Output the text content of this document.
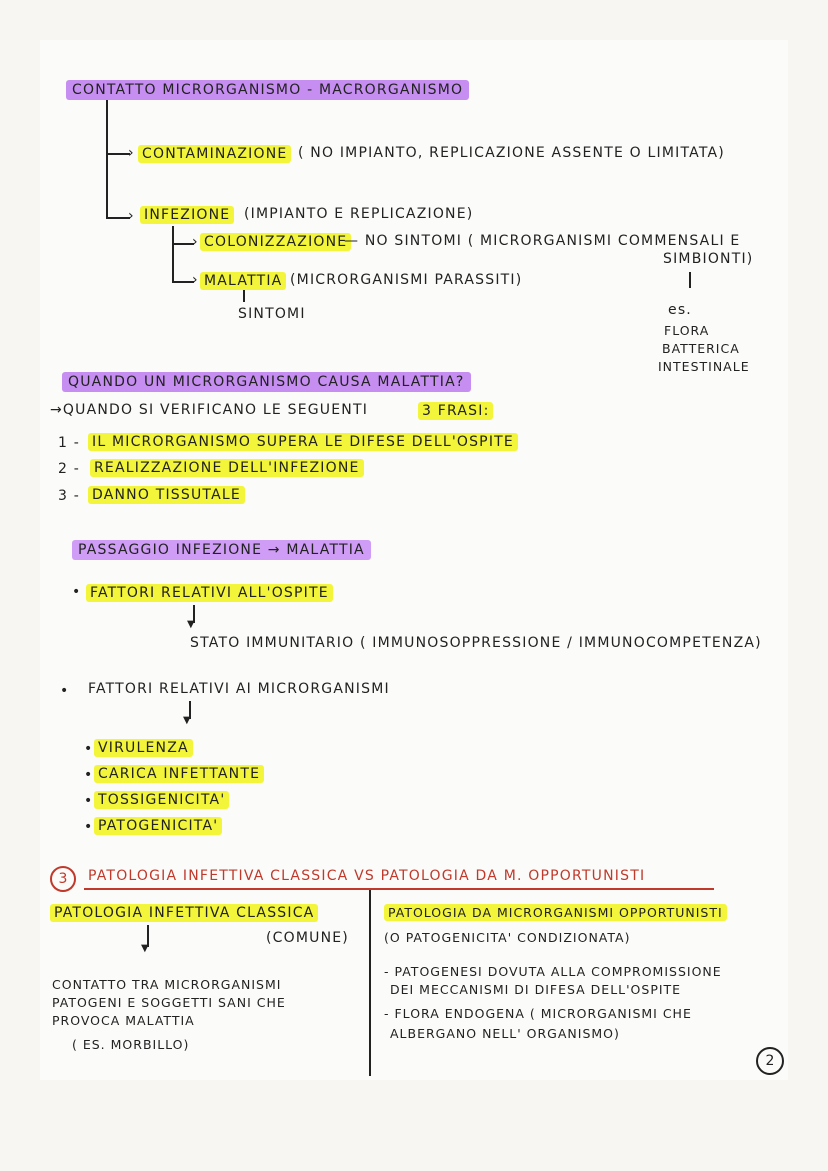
CONTATTO MICRORGANISMO - MACRORGANISMO
› CONTAMINAZIONE ( NO IMPIANTO, REPLICAZIONE ASSENTE O LIMITATA)
› INFEZIONE (IMPIANTO E REPLICAZIONE)
› COLONIZZAZIONE
— NO SINTOMI ( MICRORGANISMI COMMENSALI E
SIMBIONTI)
› MALATTIA (MICRORGANISMI PARASSITI)
SINTOMI	es.
FLORA
BATTERICA
INTESTINALE
QUANDO UN MICRORGANISMO CAUSA MALATTIA?
→QUANDO SI VERIFICANO LE SEGUENTI	3 FRASI:
1 - IL MICRORGANISMO SUPERA LE DIFESE DELL'OSPITE
2 - REALIZZAZIONE DELL'INFEZIONE
3 - DANNO TISSUTALE
PASSAGGIO INFEZIONE → MALATTIA
• FATTORI RELATIVI ALL'OSPITE
▼
STATO IMMUNITARIO ( IMMUNOSOPPRESSIONE / IMMUNOCOMPETENZA)
• FATTORI RELATIVI AI MICRORGANISMI
▼
• VIRULENZA
• CARICA INFETTANTE
• TOSSIGENICITA'
• PATOGENICITA'
3	PATOLOGIA INFETTIVA CLASSICA VS PATOLOGIA DA M. OPPORTUNISTI
PATOLOGIA INFETTIVA CLASSICA
(COMUNE)
▼
CONTATTO TRA MICRORGANISMI
PATOGENI E SOGGETTI SANI CHE
PROVOCA MALATTIA
( ES. MORBILLO)
PATOLOGIA DA MICRORGANISMI OPPORTUNISTI
(O PATOGENICITA' CONDIZIONATA)
- PATOGENESI DOVUTA ALLA COMPROMISSIONE
DEI MECCANISMI DI DIFESA DELL'OSPITE
- FLORA ENDOGENA ( MICRORGANISMI CHE
ALBERGANO NELL' ORGANISMO)
2
